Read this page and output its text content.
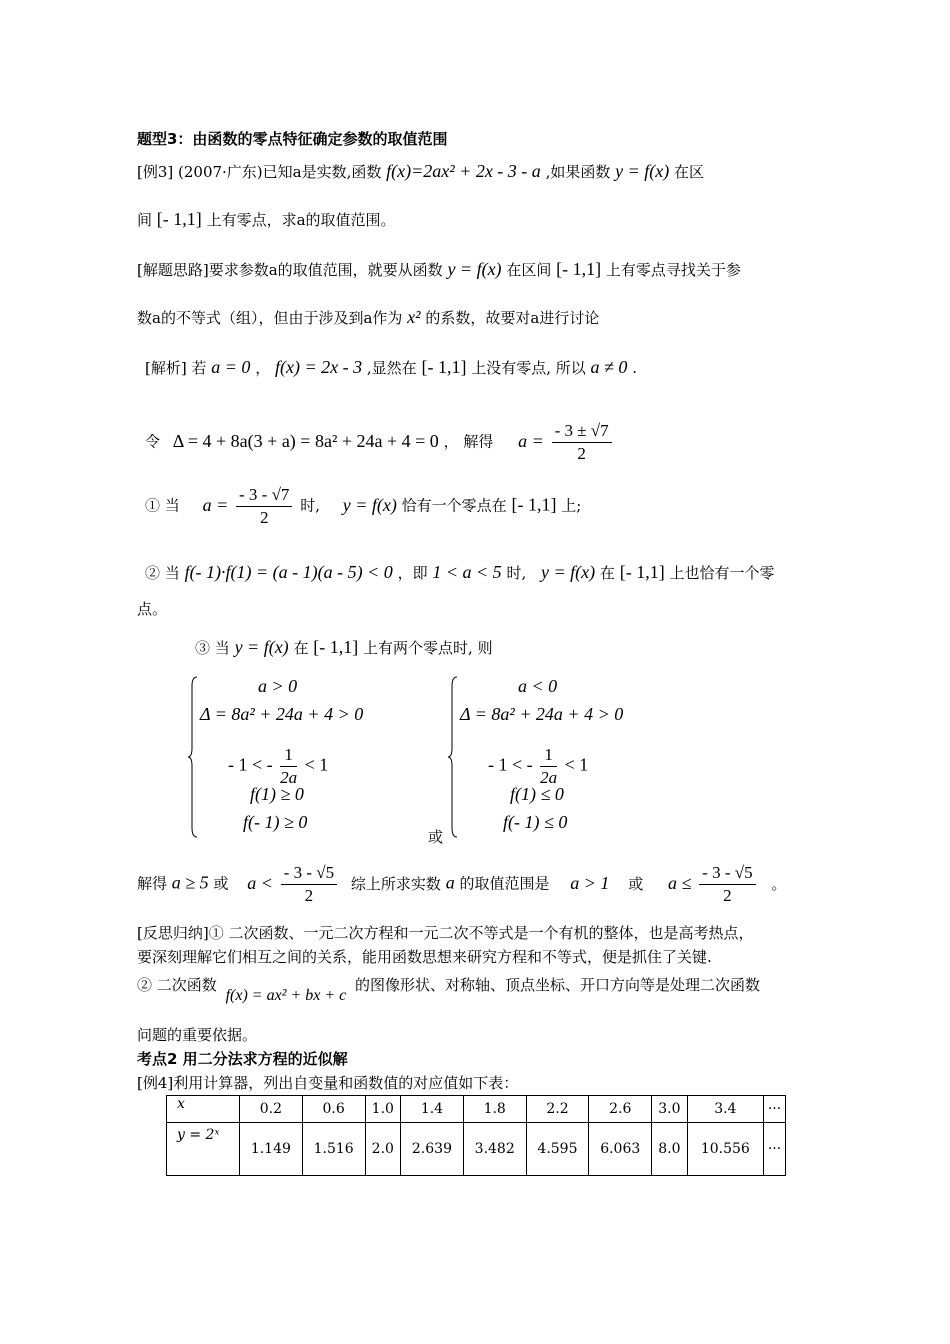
题型3：由函数的零点特征确定参数的取值范围
[例3] (2007·广东)已知a是实数,函数 f(x)=2ax² + 2x - 3 - a ,如果函数 y = f(x) 在区
间 [- 1,1] 上有零点，求a的取值范围。
[解题思路]要求参数a的取值范围，就要从函数 y = f(x) 在区间 [- 1,1] 上有零点寻找关于参
数a的不等式（组），但由于涉及到a作为 x² 的系数，故要对a进行讨论
[解析] 若 a = 0 ， f(x) = 2x - 3 ,显然在 [- 1,1] 上没有零点, 所以 a ≠ 0 .
令 Δ = 4 + 8a(3 + a) = 8a² + 24a + 4 = 0 ， 解得 $a = \frac{- 3 \pm √7}{2}$
① 当 $a = \frac{- 3 - √7}{2}$ 时, y = f(x) 恰有一个零点在 [- 1,1] 上;
② 当 f(- 1)·f(1) = (a - 1)(a - 5) < 0 ，即 1 < a < 5 时, y = f(x) 在 [- 1,1] 上也恰有一个零
点。
③ 当 y = f(x) 在 [- 1,1] 上有两个零点时, 则
a > 0
Δ = 8a² + 24a + 4 > 0
- 1 < - $\frac{1}{2a} < 1$
f(1) ≥ 0
f(- 1) ≥ 0
或
a < 0
Δ = 8a² + 24a + 4 > 0
- 1 < - $\frac{1}{2a} < 1$
f(1) ≤ 0
f(- 1) ≤ 0
解得 a ≥ 5 或 $a < \frac{- 3 - √5}{2}$ 综上所求实数 a 的取值范围是 a > 1 或 $a \le \frac{- 3 - √5}{2}$ 。
[反思归纳]① 二次函数、一元二次方程和一元二次不等式是一个有机的整体，也是高考热点，
要深刻理解它们相互之间的关系，能用函数思想来研究方程和不等式，便是抓住了关键.
② 二次函数 f(x) = ax² + bx + c 的图像形状、对称轴、顶点坐标、开口方向等是处理二次函数
问题的重要依据。
考点2 用二分法求方程的近似解
[例4]利用计算器，列出自变量和函数值的对应值如下表：
x	0.2	0.6	1.0	1.4	1.8	2.2	2.6	3.0	3.4	···
y = 2ˣ	1.149	1.516	2.0	2.639	3.482	4.595	6.063	8.0	10.556	···
